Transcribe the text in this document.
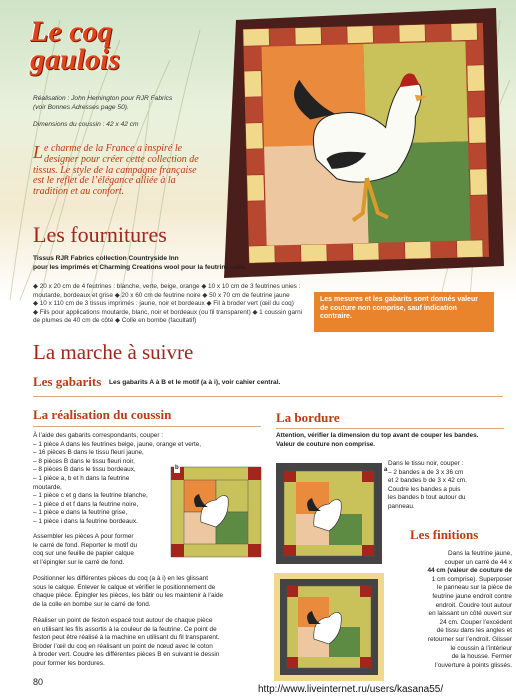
Le coq
gaulois
Réalisation : John Hemington pour RJR Fabrics
(voir Bonnes Adresses page 50).
Dimensions du coussin : 42 x 42 cm
Le charme de la France a inspiré le designer pour créer cette collection de tissus. Le style de la campagne française est le reflet de l’élégance alliée à la tradition et au confort.
Les fournitures
Tissus RJR Fabrics collection Countryside Inn
pour les imprimés et Charming Creations wool pour la feutrine unie.
◆ 20 x 20 cm de 4 feutrines : blanche, verte, beige, orange ◆ 10 x 10 cm de 3 feutrines unies :
moutarde, bordeaux et grise ◆ 20 x 60 cm de feutrine noire ◆ 50 x 70 cm de feutrine jaune
◆ 10 x 110 cm de 3 tissus imprimés : jaune, noir et bordeaux ◆ Fil à broder vert (œil du coq)
◆ Fils pour applications moutarde, blanc, noir et bordeaux (ou fil transparent) ◆ 1 coussin garni
de plumes de 40 cm de côté ◆ Colle en bombe (facultatif)
Les mesures et les gabarits sont donnés valeur de couture non comprise, sauf indication contraire.
La marche à suivre
Les gabarits Les gabarits A à B et le motif (a à i), voir cahier central.
La réalisation du coussin
À l’aide des gabarits correspondants, couper :
– 1 pièce A dans les feutrines beige, jaune, orange et verte,
– 16 pièces B dans le tissu fleuri jaune,
– 8 pièces B dans le tissu fleuri noir,
– 8 pièces B dans le tissu bordeaux,
– 1 pièce a, b et h dans la feutrine
moutarde,
– 1 pièce c et g dans la feutrine blanche,
– 1 pièce d et f dans la feutrine noire,
– 1 pièce e dans la feutrine grise,
– 1 pièce i dans la feutrine bordeaux.
Assembler les pièces A pour former
le carré de fond. Reporter le motif du
coq sur une feuille de papier calque
et l’épingler sur le carré de fond.
Positionner les différentes pièces du coq (a à i) en les glissant
sous le calque. Enlever le calque et vérifier le positionnement de
chaque pièce. Épingler les pièces, les bâtir ou les maintenir à l’aide
de la colle en bombe sur le carré de fond.
Réaliser un point de feston espacé tout autour de chaque pièce
en utilisant les fils assortis à la couleur de la feutrine. Ce point de
feston peut être réalisé à la machine en utilisant du fil transparent.
Broder l’œil du coq en réalisant un point de nœud avec le coton
à broder vert. Coudre les différentes pièces B en suivant le dessin
pour former les bordures.
b
La bordure
Attention, vérifier la dimension du top avant de couper les bandes.
Valeur de couture non comprise.
a
Dans le tissu noir, couper :
– 2 bandes a de 3 x 36 cm
et 2 bandes b de 3 x 42 cm.
Coudre les bandes a puis
les bandes b tout autour du
panneau.
Les finitions
Dans la feutrine jaune,
couper un carré de 44 x
44 cm (valeur de couture de
1 cm comprise). Superposer
le panneau sur la pièce de
feutrine jaune endroit contre
endroit. Coudre tout autour
en laissant un côté ouvert sur
24 cm. Couper l’excédent
de tissu dans les angles et
retourner sur l’endroit. Glisser
le coussin à l’intérieur
de la housse. Fermer
l’ouverture à points glissés.
80
http://www.liveinternet.ru/users/kasana55/
